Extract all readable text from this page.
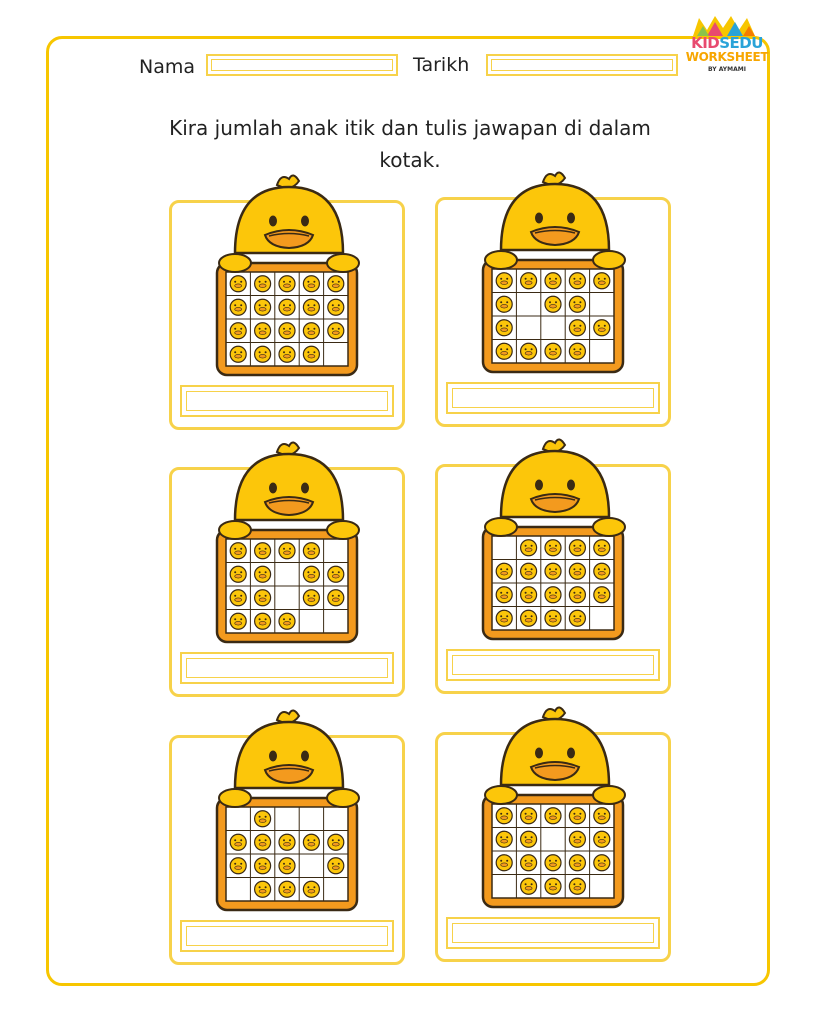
KIDSEDU
WORKSHEET
BY AYMAMI
Nama	Tarikh
Kira jumlah anak itik dan tulis jawapan di dalam kotak.
